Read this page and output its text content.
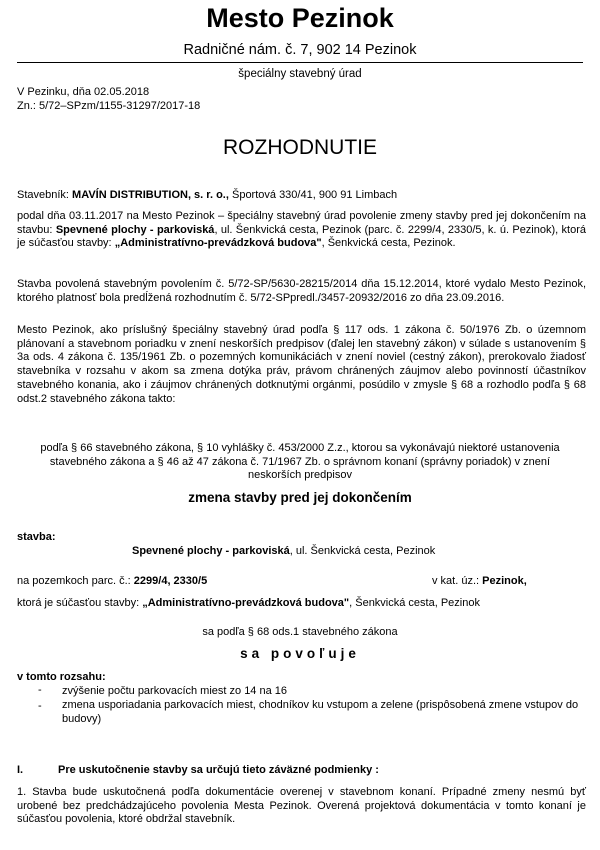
Mesto Pezinok
Radničné nám. č. 7, 902 14 Pezinok
špeciálny stavebný úrad
V Pezinku, dňa 02.05.2018
Zn.: 5/72–SPzm/1155-31297/2017-18
ROZHODNUTIE
Stavebník: MAVÍN DISTRIBUTION, s. r. o., Športová 330/41, 900 91 Limbach
podal dňa 03.11.2017 na Mesto Pezinok – špeciálny stavebný úrad povolenie zmeny stavby pred jej dokončením na stavbu: Spevnené plochy - parkoviská, ul. Šenkvická cesta, Pezinok (parc. č. 2299/4, 2330/5, k. ú. Pezinok), ktorá je súčasťou stavby: „Administratívno-prevádzková budova", Šenkvická cesta, Pezinok.
Stavba povolená stavebným povolením č. 5/72-SP/5630-28215/2014 dňa 15.12.2014, ktoré vydalo Mesto Pezinok, ktorého platnosť bola predĺžená rozhodnutím č. 5/72-SPpredl./3457-20932/2016 zo dňa 23.09.2016.
Mesto Pezinok, ako príslušný špeciálny stavebný úrad podľa § 117 ods. 1 zákona č. 50/1976 Zb. o územnom plánovaní a stavebnom poriadku v znení neskorších predpisov (ďalej len stavebný zákon) v súlade s ustanovením § 3a ods. 4 zákona č. 135/1961 Zb. o pozemných komunikáciách v znení noviel (cestný zákon), prerokovalo žiadosť stavebníka v rozsahu v akom sa zmena dotýka práv, právom chránených záujmov alebo povinností účastníkov stavebného konania, ako i záujmov chránených dotknutými orgánmi, posúdilo v zmysle § 68 a rozhodlo podľa § 68 odst.2 stavebného zákona takto:
podľa § 66 stavebného zákona, § 10 vyhlášky č. 453/2000 Z.z., ktorou sa vykonávajú niektoré ustanovenia stavebného zákona a § 46 až 47 zákona č. 71/1967 Zb. o správnom konaní (správny poriadok) v znení neskorších predpisov
zmena stavby pred jej dokončením
stavba:
Spevnené plochy - parkoviská, ul. Šenkvická cesta, Pezinok
na pozemkoch parc. č.: 2299/4, 2330/5	v kat. úz.: Pezinok,
ktorá je súčasťou stavby: „Administratívno-prevádzková budova", Šenkvická cesta, Pezinok
sa podľa § 68 ods.1 stavebného zákona
sa povoľuje
v tomto rozsahu:
- zvýšenie počtu parkovacích miest zo 14 na 16
- zmena usporiadania parkovacích miest, chodníkov ku vstupom a zelene (prispôsobená zmene vstupov do budovy)
I.	Pre uskutočnenie stavby sa určujú tieto záväzné podmienky :
1. Stavba bude uskutočnená podľa dokumentácie overenej v stavebnom konaní. Prípadné zmeny nesmú byť urobené bez predchádzajúceho povolenia Mesta Pezinok. Overená projektová dokumentácia v tomto konaní je súčasťou povolenia, ktoré obdržal stavebník.
